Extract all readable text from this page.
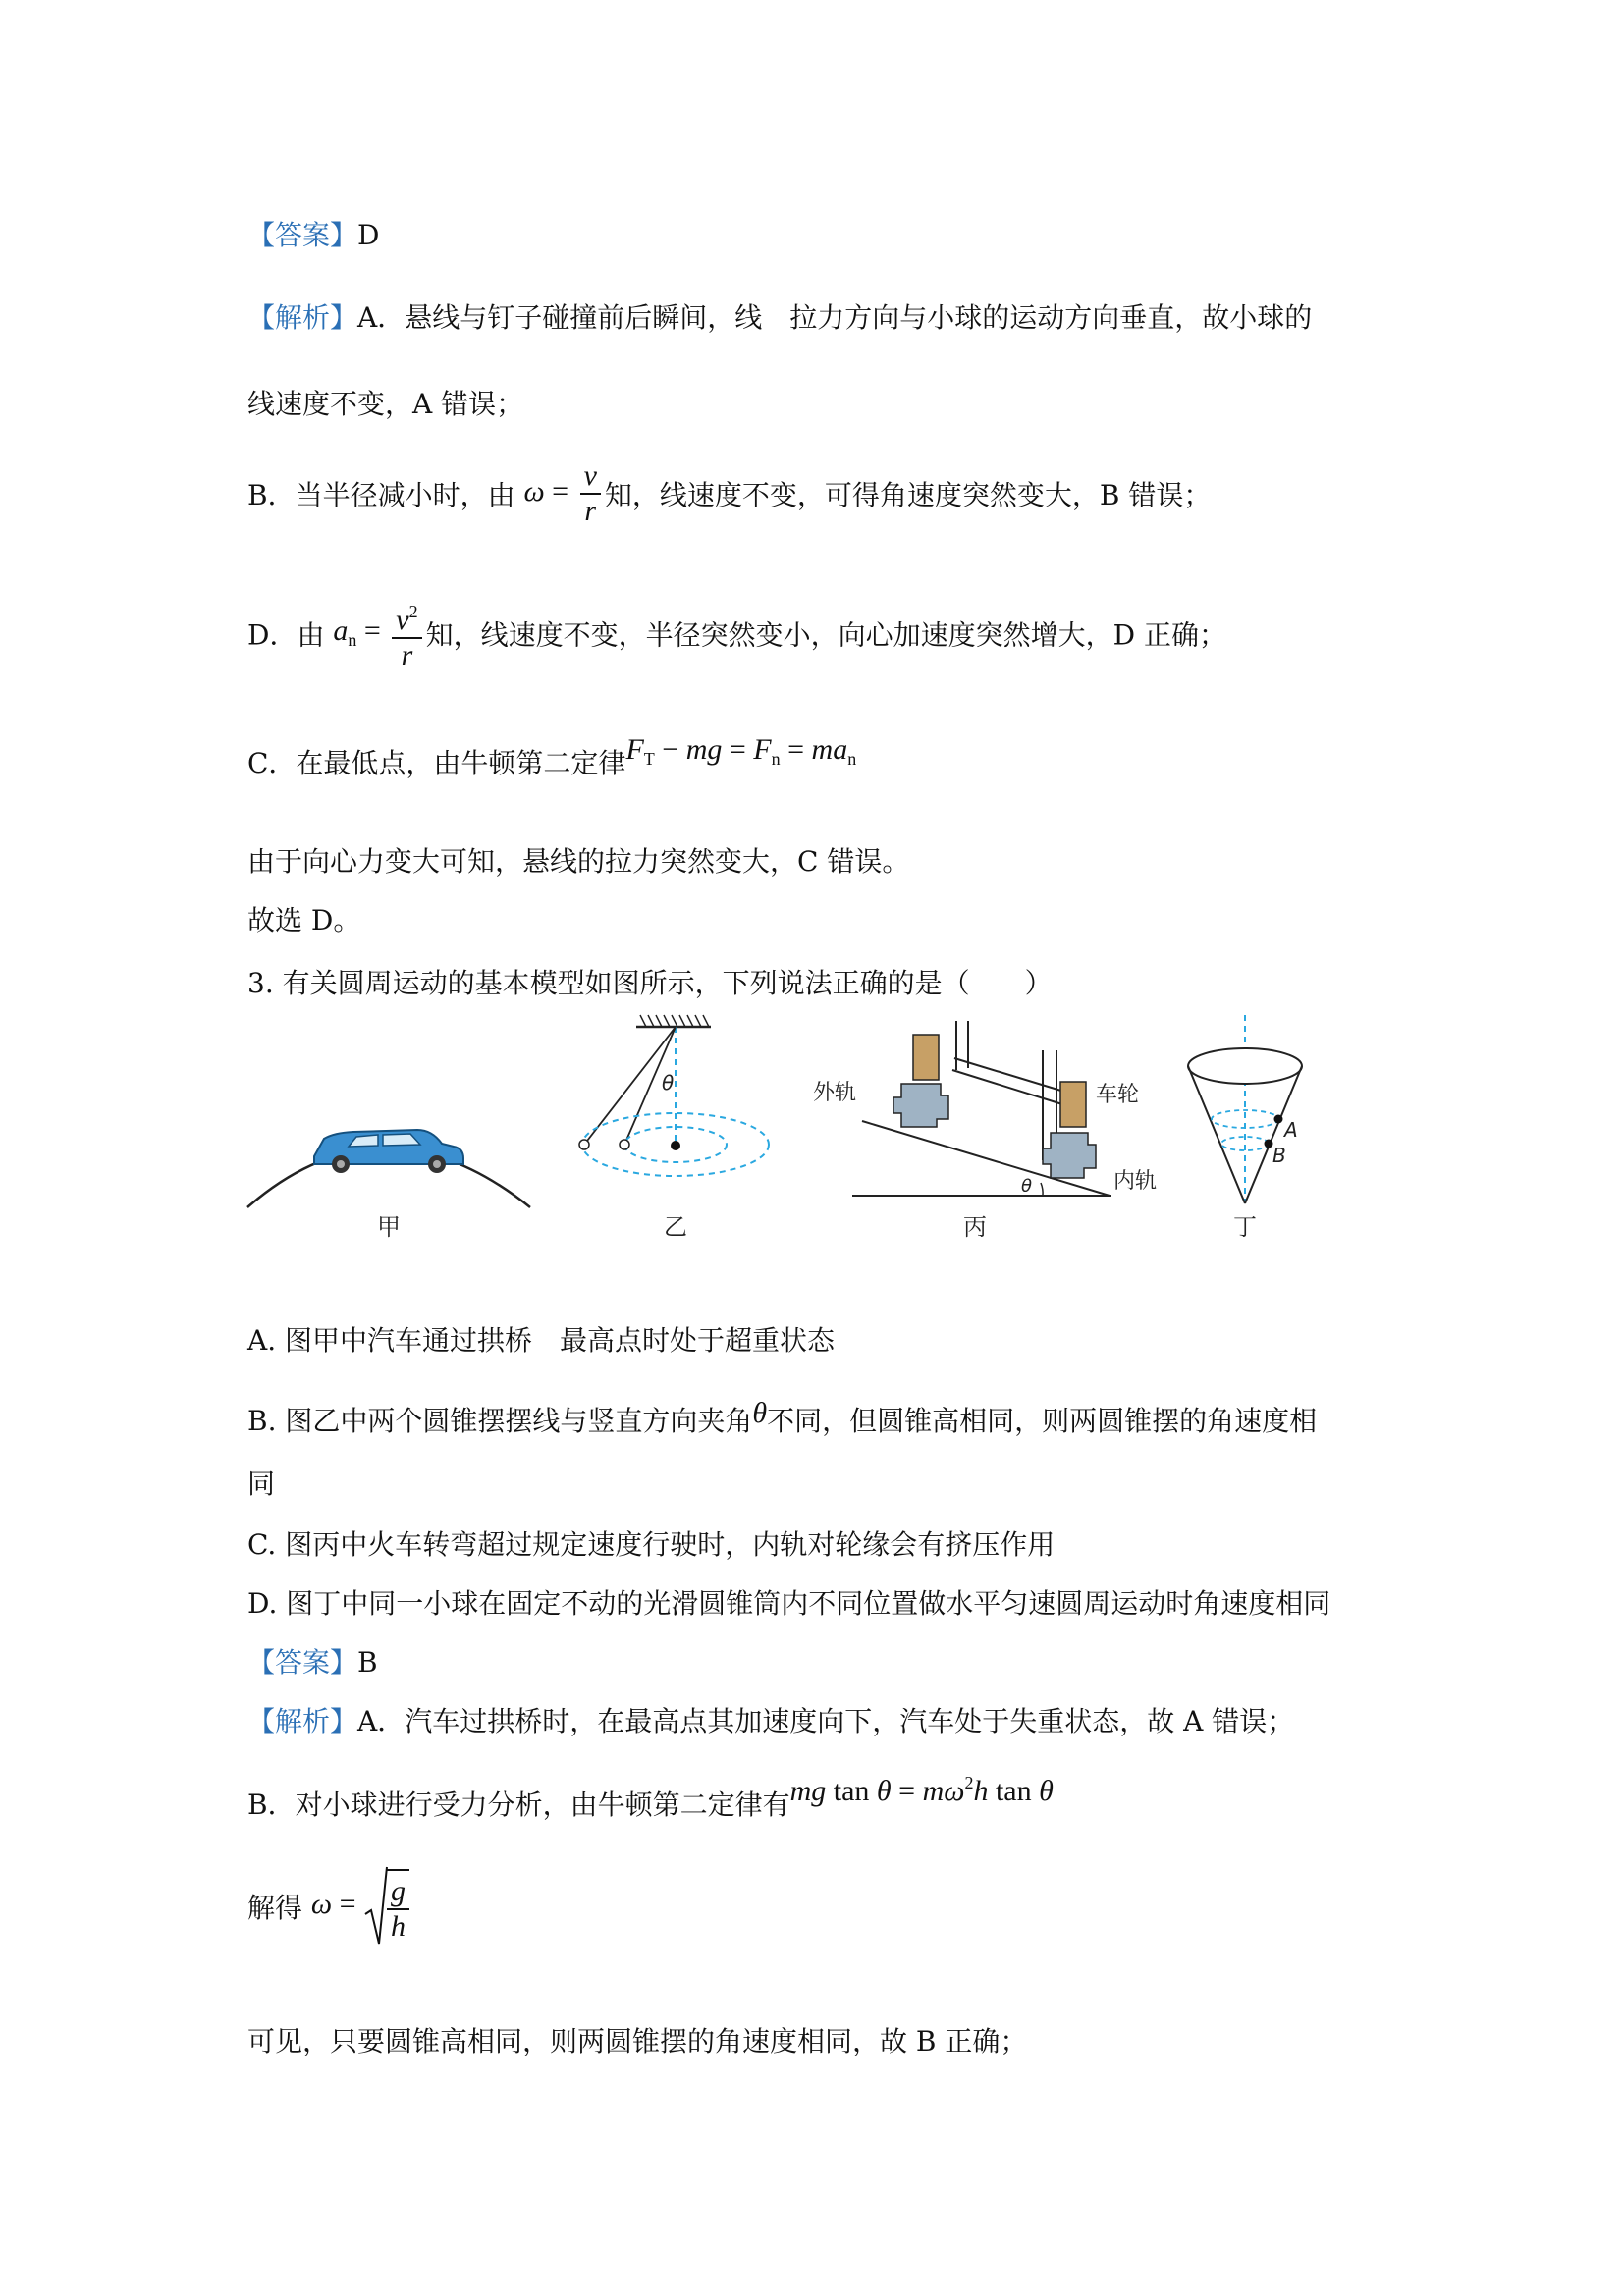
【答案】D
【解析】A．悬线与钉子碰撞前后瞬间，线　拉力方向与小球的运动方向垂直，故小球的
线速度不变，A 错误；
B．当半径减小时，由 $\omega = \frac{v}{r}$ 知，线速度不变，可得角速度突然变大，B 错误；
D．由 $a_n = \frac{v^2}{r}$ 知，线速度不变，半径突然变小，向心加速度突然增大，D 正确；
C．在最低点，由牛顿第二定律$F_T$ − mg = $F_n = ma_n$
由于向心力变大可知，悬线的拉力突然变大，C 错误。
故选 D。
3. 有关圆周运动的基本模型如图所示，下列说法正确的是（　　）
甲
θ
乙
θ
外轨	车轮
内轨
丙
A
B
丁
A. 图甲中汽车通过拱桥　最高点时处于超重状态
B. 图乙中两个圆锥摆摆线与竖直方向夹角θ不同，但圆锥高相同，则两圆锥摆的角速度相
同
C. 图丙中火车转弯超过规定速度行驶时，内轨对轮缘会有挤压作用
D. 图丁中同一小球在固定不动的光滑圆锥筒内不同位置做水平匀速圆周运动时角速度相同
【答案】B
【解析】A．汽车过拱桥时，在最高点其加速度向下，汽车处于失重状态，故 A 错误；
B．对小球进行受力分析，由牛顿第二定律有mg $\tan \theta = m\omega^2h$ tan θ
解得 $\omega = \frac{g}{h}$
可见，只要圆锥高相同，则两圆锥摆的角速度相同，故 B 正确；
